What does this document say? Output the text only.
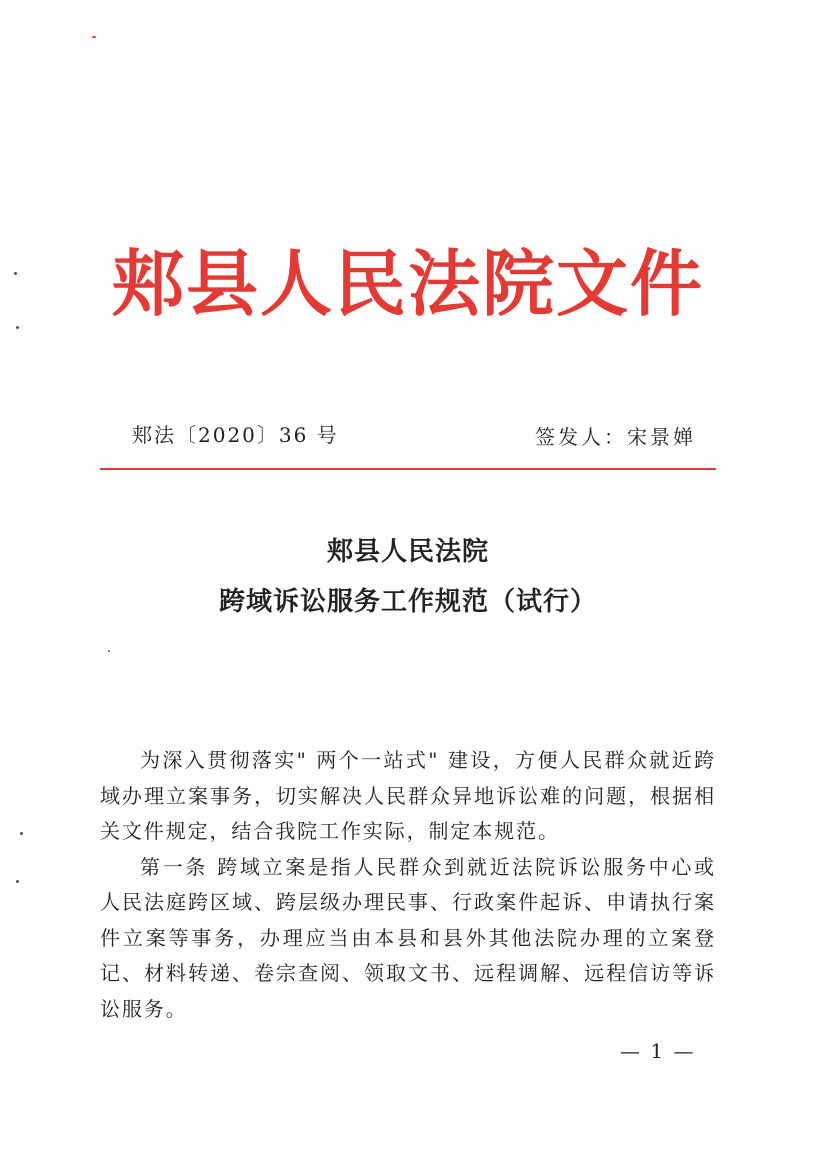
郏县人民法院文件
郏法〔2020〕36 号	签发人：宋景婵
郏县人民法院
跨域诉讼服务工作规范（试行）

为深入贯彻落实" 两个一站式" 建设，方便人民群众就近跨域办理立案事务，切实解决人民群众异地诉讼难的问题，根据相关文件规定，结合我院工作实际，制定本规范。

第一条 跨域立案是指人民群众到就近法院诉讼服务中心或人民法庭跨区域、跨层级办理民事、行政案件起诉、申请执行案件立案等事务，办理应当由本县和县外其他法院办理的立案登记、材料转递、卷宗查阅、领取文书、远程调解、远程信访等诉讼服务。

— 1 —
